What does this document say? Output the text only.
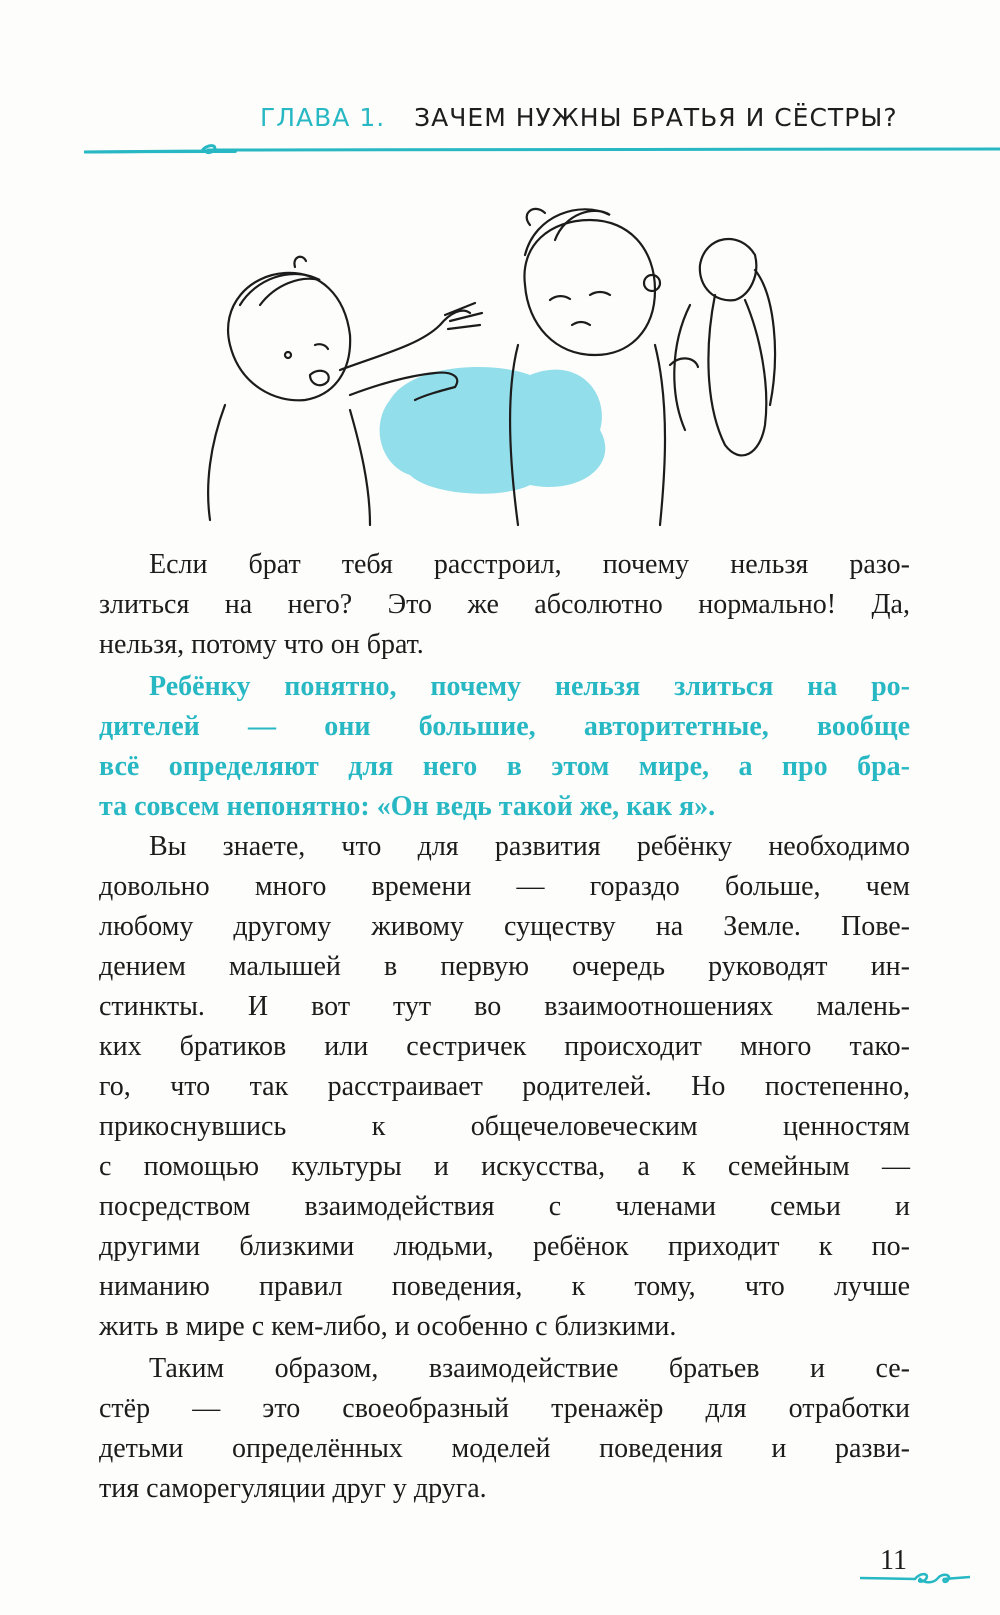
ГЛАВА 1. ЗАЧЕМ НУЖНЫ БРАТЬЯ И СЁСТРЫ?

Если брат тебя расстроил, почему нельзя разо-
злиться на него? Это же абсолютно нормально! Да,
нельзя, потому что он брат.

Ребёнку понятно, почему нельзя злиться на ро-
дителей — они большие, авторитетные, вообще
всё определяют для него в этом мире, а про бра-
та совсем непонятно: «Он ведь такой же, как я».

Вы знаете, что для развития ребёнку необходимо
довольно много времени — гораздо больше, чем
любому другому живому существу на Земле. Пове-
дением малышей в первую очередь руководят ин-
стинкты. И вот тут во взаимоотношениях малень-
ких братиков или сестричек происходит много тако-
го, что так расстраивает родителей. Но постепенно,
прикоснувшись к общечеловеческим ценностям
с помощью культуры и искусства, а к семейным —
посредством взаимодействия с членами семьи и
другими близкими людьми, ребёнок приходит к по-
ниманию правил поведения, к тому, что лучше
жить в мире с кем-либо, и особенно с близкими.

Таким образом, взаимодействие братьев и се-
стёр — это своеобразный тренажёр для отработки
детьми определённых моделей поведения и разви-
тия саморегуляции друг у друга.

11
